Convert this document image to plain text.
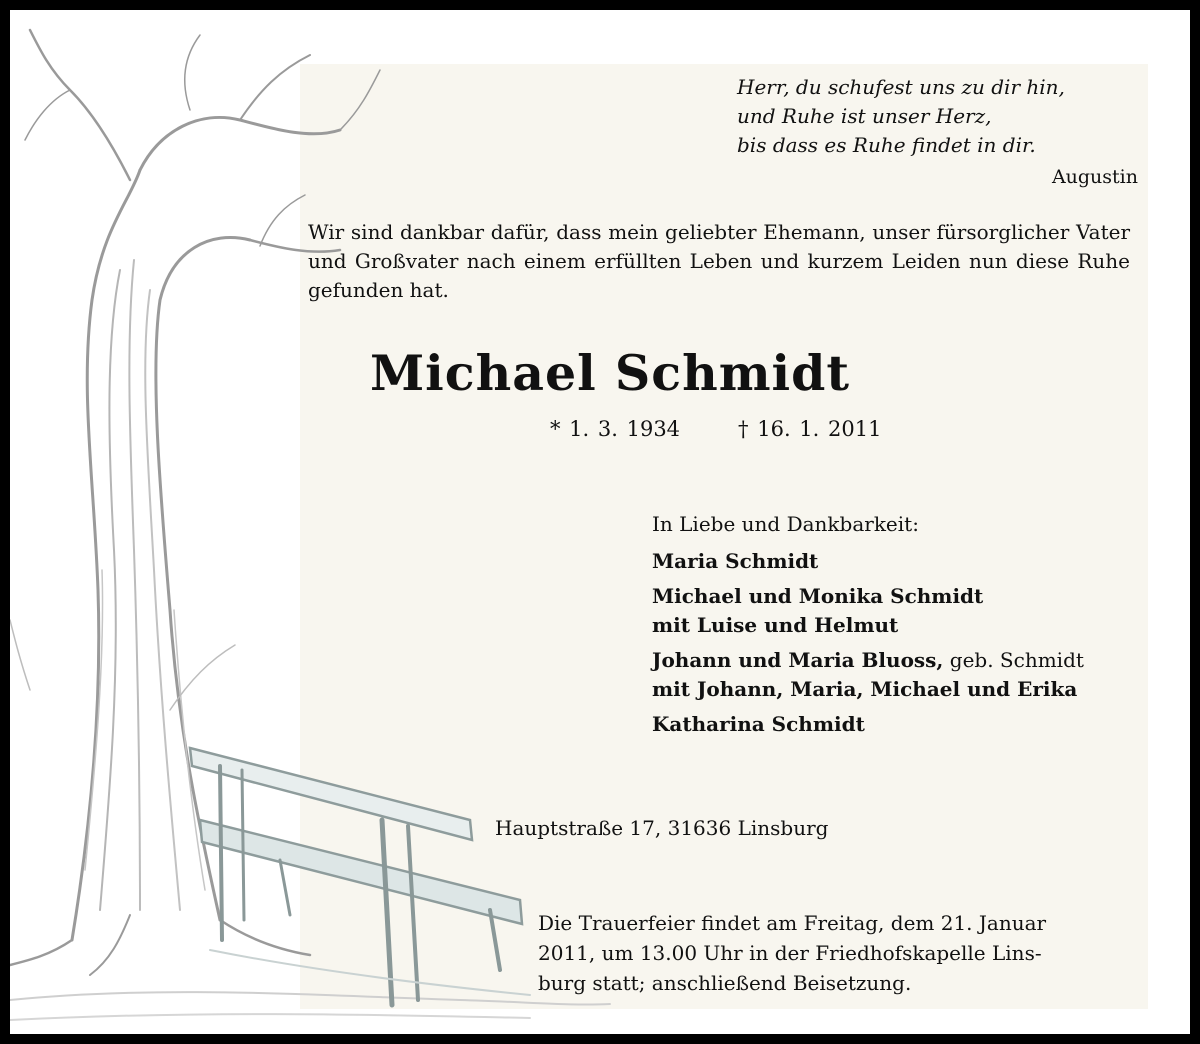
Herr, du schufest uns zu dir hin,
und Ruhe ist unser Herz,
bis dass es Ruhe findet in dir.
Augustin
Wir sind dankbar dafür, dass mein geliebter Ehemann, unser fürsorglicher Vater und Großvater nach einem erfüllten Leben und kurzem Leiden nun diese Ruhe gefunden hat.
Michael Schmidt
* 1. 3. 1934	† 16. 1. 2011
In Liebe und Dankbarkeit:
Maria Schmidt
Michael und Monika Schmidt
mit Luise und Helmut
Johann und Maria Bluoss, geb. Schmidt
mit Johann, Maria, Michael und Erika
Katharina Schmidt
Hauptstraße 17, 31636 Linsburg
Die Trauerfeier findet am Freitag, dem 21. Januar
2011, um 13.00 Uhr in der Friedhofskapelle Lins-
burg statt; anschließend Beisetzung.
